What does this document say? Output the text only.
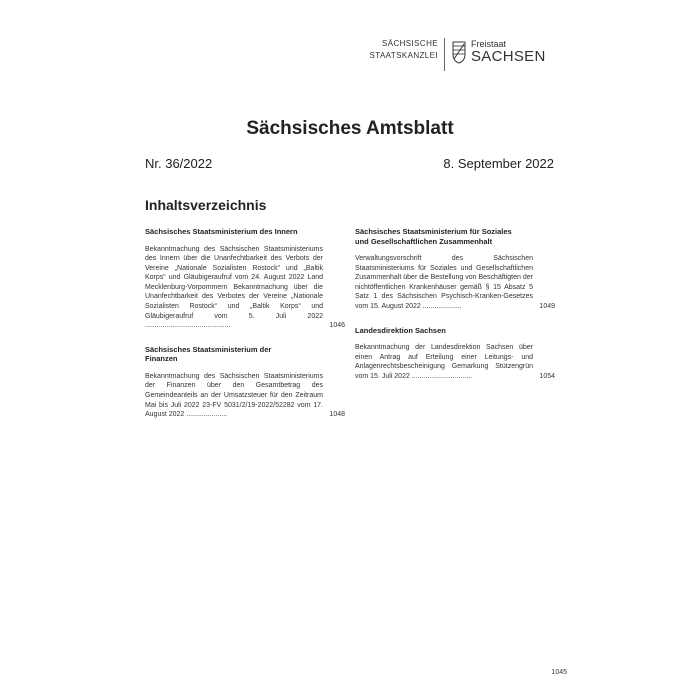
SÄCHSISCHE
STAATSKANZLEI
Freistaat
SACHSEN
Sächsisches Amtsblatt
Nr. 36/2022	8. September 2022
Inhaltsverzeichnis
Sächsisches Staatsministerium des Innern
Bekanntmachung des Sächsischen Staatsministeriums des Innern über die Unanfechtbarkeit des Verbots der Vereine „Nationale Sozialisten Rostock“ und „Baltik Korps“ und Gläubigeraufruf vom 24. August 2022 Land Mecklenburg-Vorpommern Bekanntmachung über die Unanfechtbarkeit des Verbotes der Vereine „Nationale Sozialisten Rostock“ und „Baltik Korps“ und Gläubigeraufruf vom 5. Juli 2022 ............................................	1046
Sächsisches Staatsministerium der Finanzen
Bekanntmachung des Sächsischen Staatsministeriums der Finanzen über den Gesamtbetrag des Gemeindeanteils an der Umsatzsteuer für den Zeitraum Mai bis Juli 2022 23-FV 5031/2/19-2022/52282 vom 17. August 2022 .....................	1048
Sächsisches Staatsministerium für Soziales und Gesellschaftlichen Zusammenhalt
Verwaltungsvorschrift des Sächsischen Staatsministeriums für Soziales und Gesellschaftlichen Zusammenhalt über die Bestellung von Beschäftigten der nichtöffentlichen Krankenhäuser gemäß § 15 Absatz 5 Satz 1 des Sächsischen Psychisch-Kranken-Gesetzes vom 15. August 2022 ....................	1049
Landesdirektion Sachsen
Bekanntmachung der Landesdirektion Sachsen über einen Antrag auf Erteilung einer Leitungs- und Anlagenrechtsbescheinigung Gemarkung Stützengrün vom 15. Juli 2022 ...............................	1054
1045
